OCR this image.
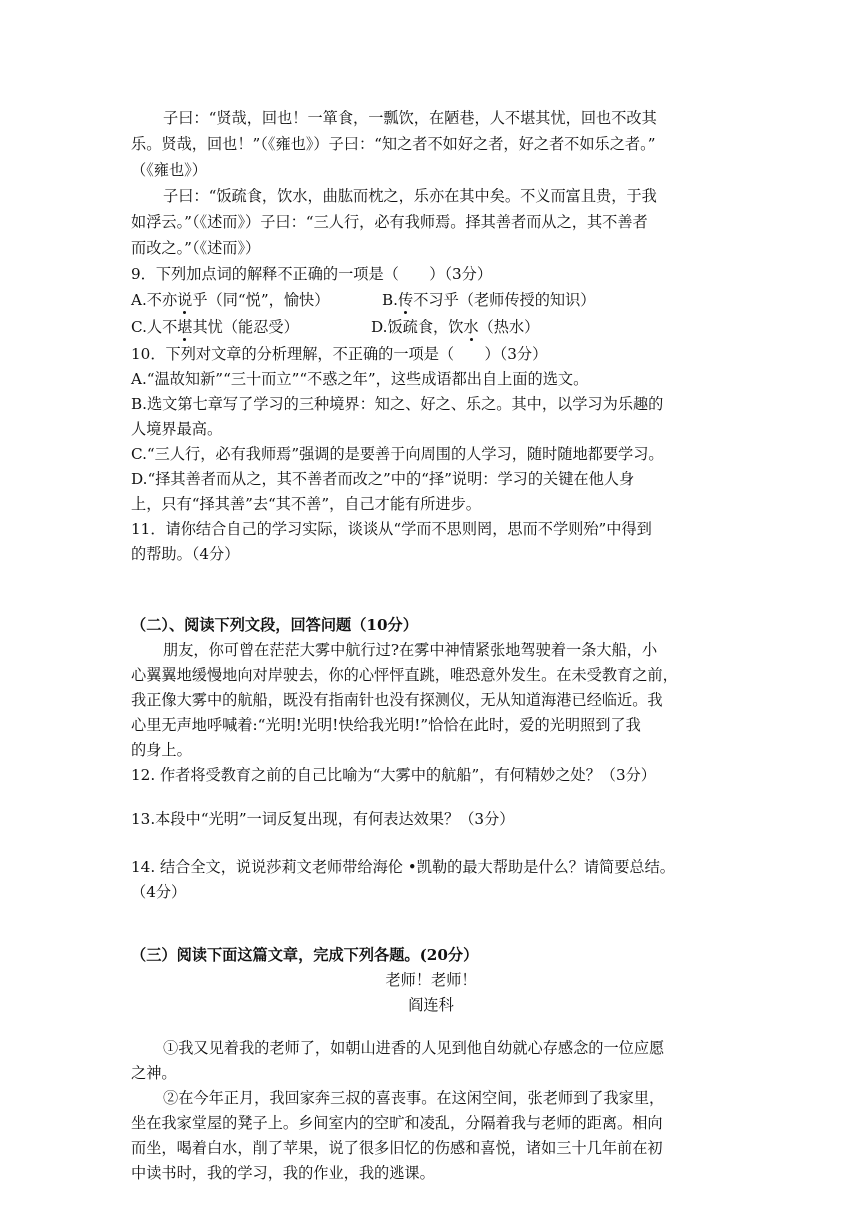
子曰：“贤哉，回也！一箪食，一瓢饮，在陋巷，人不堪其忧，回也不改其
乐。贤哉，回也！”（《雍也》）子曰：“知之者不如好之者，好之者不如乐之者。”
（《雍也》）
子曰：“饭疏食，饮水，曲肱而枕之，乐亦在其中矣。不义而富且贵，于我
如浮云。”（《述而》）子曰：“三人行，必有我师焉。择其善者而从之，其不善者
而改之。”（《述而》）
9．下列加点词的解释不正确的一项是（　　）（3分）
A.不亦说乎（同“悦”，愉快）	B.传不习乎（老师传授的知识）
C.人不堪其忧（能忍受）	D.饭疏食，饮水（热水）
10．下列对文章的分析理解，不正确的一项是（　　）（3分）
A.“温故知新”“三十而立”“不惑之年”，这些成语都出自上面的选文。
B.选文第七章写了学习的三种境界：知之、好之、乐之。其中，以学习为乐趣的
人境界最高。
C.“三人行，必有我师焉”强调的是要善于向周围的人学习，随时随地都要学习。
D.“择其善者而从之，其不善者而改之”中的“择”说明：学习的关键在他人身
上，只有“择其善”去“其不善”，自己才能有所进步。
11．请你结合自己的学习实际，谈谈从“学而不思则罔，思而不学则殆”中得到
的帮助。（4分）
（二）、阅读下列文段，回答问题（10分）
朋友，你可曾在茫茫大雾中航行过?在雾中神情紧张地驾驶着一条大船，小
心翼翼地缓慢地向对岸驶去，你的心怦怦直跳，唯恐意外发生。在未受教育之前，
我正像大雾中的航船，既没有指南针也没有探测仪，无从知道海港已经临近。我
心里无声地呼喊着:“光明!光明!快给我光明!”恰恰在此时，爱的光明照到了我
的身上。
12. 作者将受教育之前的自己比喻为“大雾中的航船”，有何精妙之处？（3分）
13.本段中“光明”一词反复出现，有何表达效果？（3分）
14. 结合全文，说说莎莉文老师带给海伦 •凯勒的最大帮助是什么？请简要总结。
（4分）
（三）阅读下面这篇文章，完成下列各题。(20分）
老师！老师！
阎连科
①我又见着我的老师了，如朝山进香的人见到他自幼就心存感念的一位应愿
之神。
②在今年正月，我回家奔三叔的喜丧事。在这闲空间，张老师到了我家里，
坐在我家堂屋的凳子上。乡间室内的空旷和凌乱，分隔着我与老师的距离。相向
而坐，喝着白水，削了苹果，说了很多旧忆的伤感和喜悦，诸如三十几年前在初
中读书时，我的学习，我的作业，我的逃课。
